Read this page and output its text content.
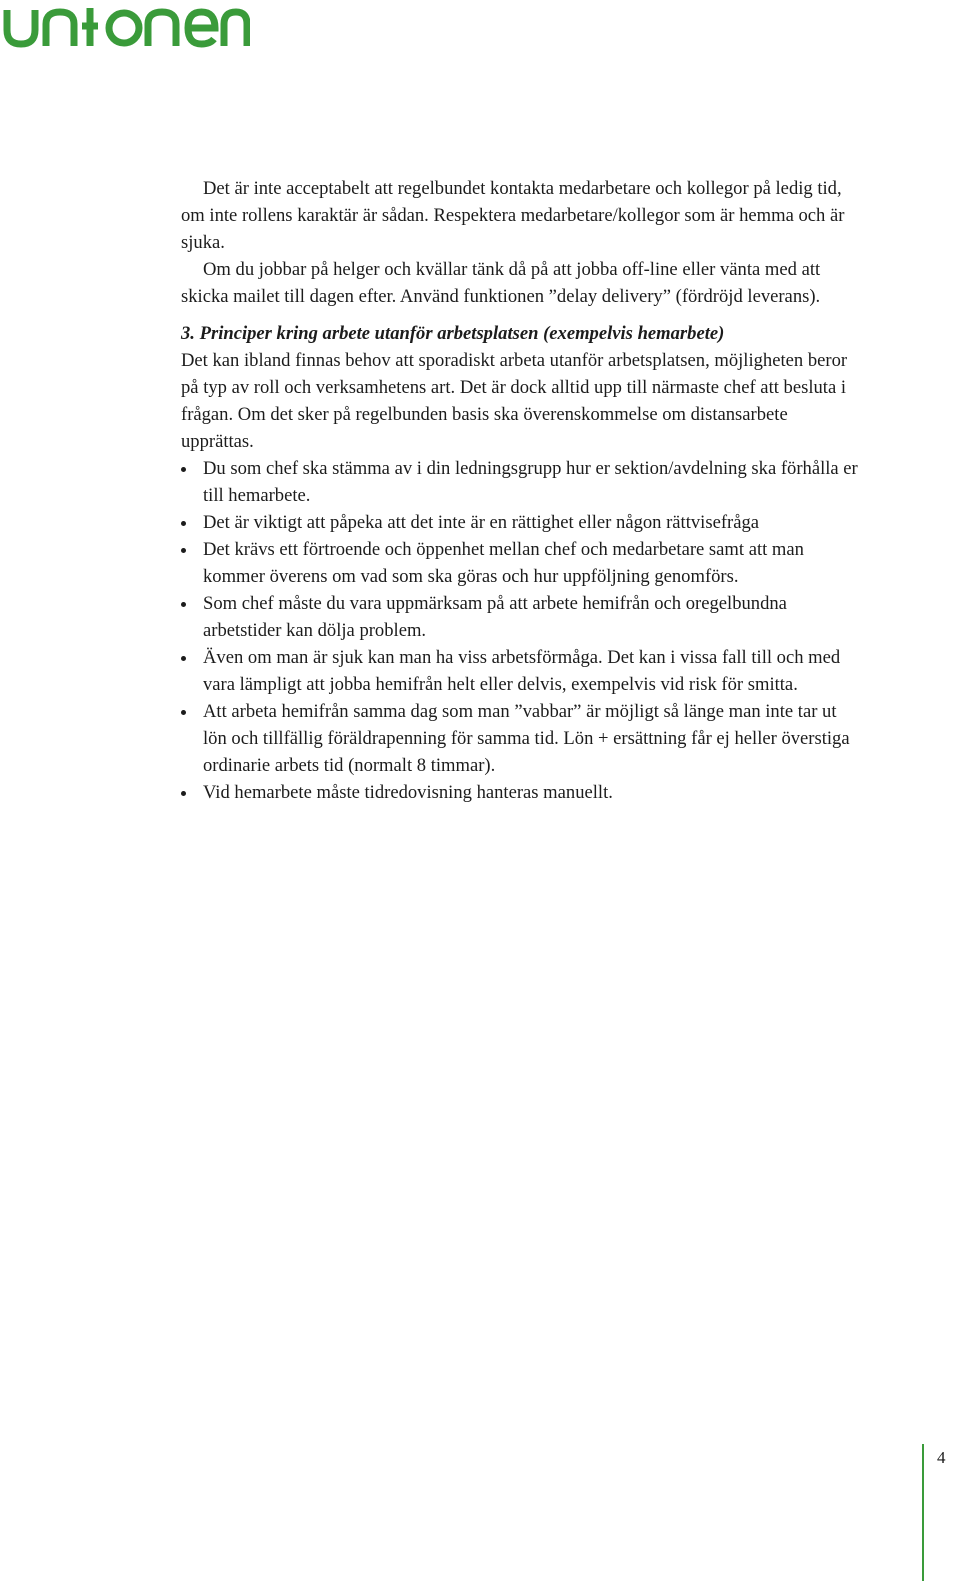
Det är inte acceptabelt att regelbundet kontakta medarbetare och kollegor på ledig tid, om inte rollens karaktär är sådan. Respektera medarbetare/kollegor som är hemma och är sjuka.

Om du jobbar på helger och kvällar tänk då på att jobba off-line eller vänta med att skicka mailet till dagen efter. Använd funktionen ”delay delivery” (fördröjd leverans).

3. Principer kring arbete utanför arbetsplatsen (exempelvis hemarbete)

Det kan ibland finnas behov att sporadiskt arbeta utanför arbetsplatsen, möjligheten beror på typ av roll och verksamhetens art. Det är dock alltid upp till närmaste chef att besluta i frågan. Om det sker på regelbunden basis ska överenskommelse om distansarbete upprättas.

Du som chef ska stämma av i din ledningsgrupp hur er sektion/avdelning ska förhålla er till hemarbete.
Det är viktigt att påpeka att det inte är en rättighet eller någon rättvisefråga
Det krävs ett förtroende och öppenhet mellan chef och medarbetare samt att man kommer överens om vad som ska göras och hur uppföljning genomförs.
Som chef måste du vara uppmärksam på att arbete hemifrån och oregelbundna arbetstider kan dölja problem.
Även om man är sjuk kan man ha viss arbetsförmåga. Det kan i vissa fall till och med vara lämpligt att jobba hemifrån helt eller delvis, exempelvis vid risk för smitta.
Att arbeta hemifrån samma dag som man ”vabbar” är möjligt så länge man inte tar ut lön och tillfällig föräldrapenning för samma tid. Lön + ersättning får ej heller överstiga ordinarie arbets tid (normalt 8 timmar).
Vid hemarbete måste tidredovisning hanteras manuellt.
4
